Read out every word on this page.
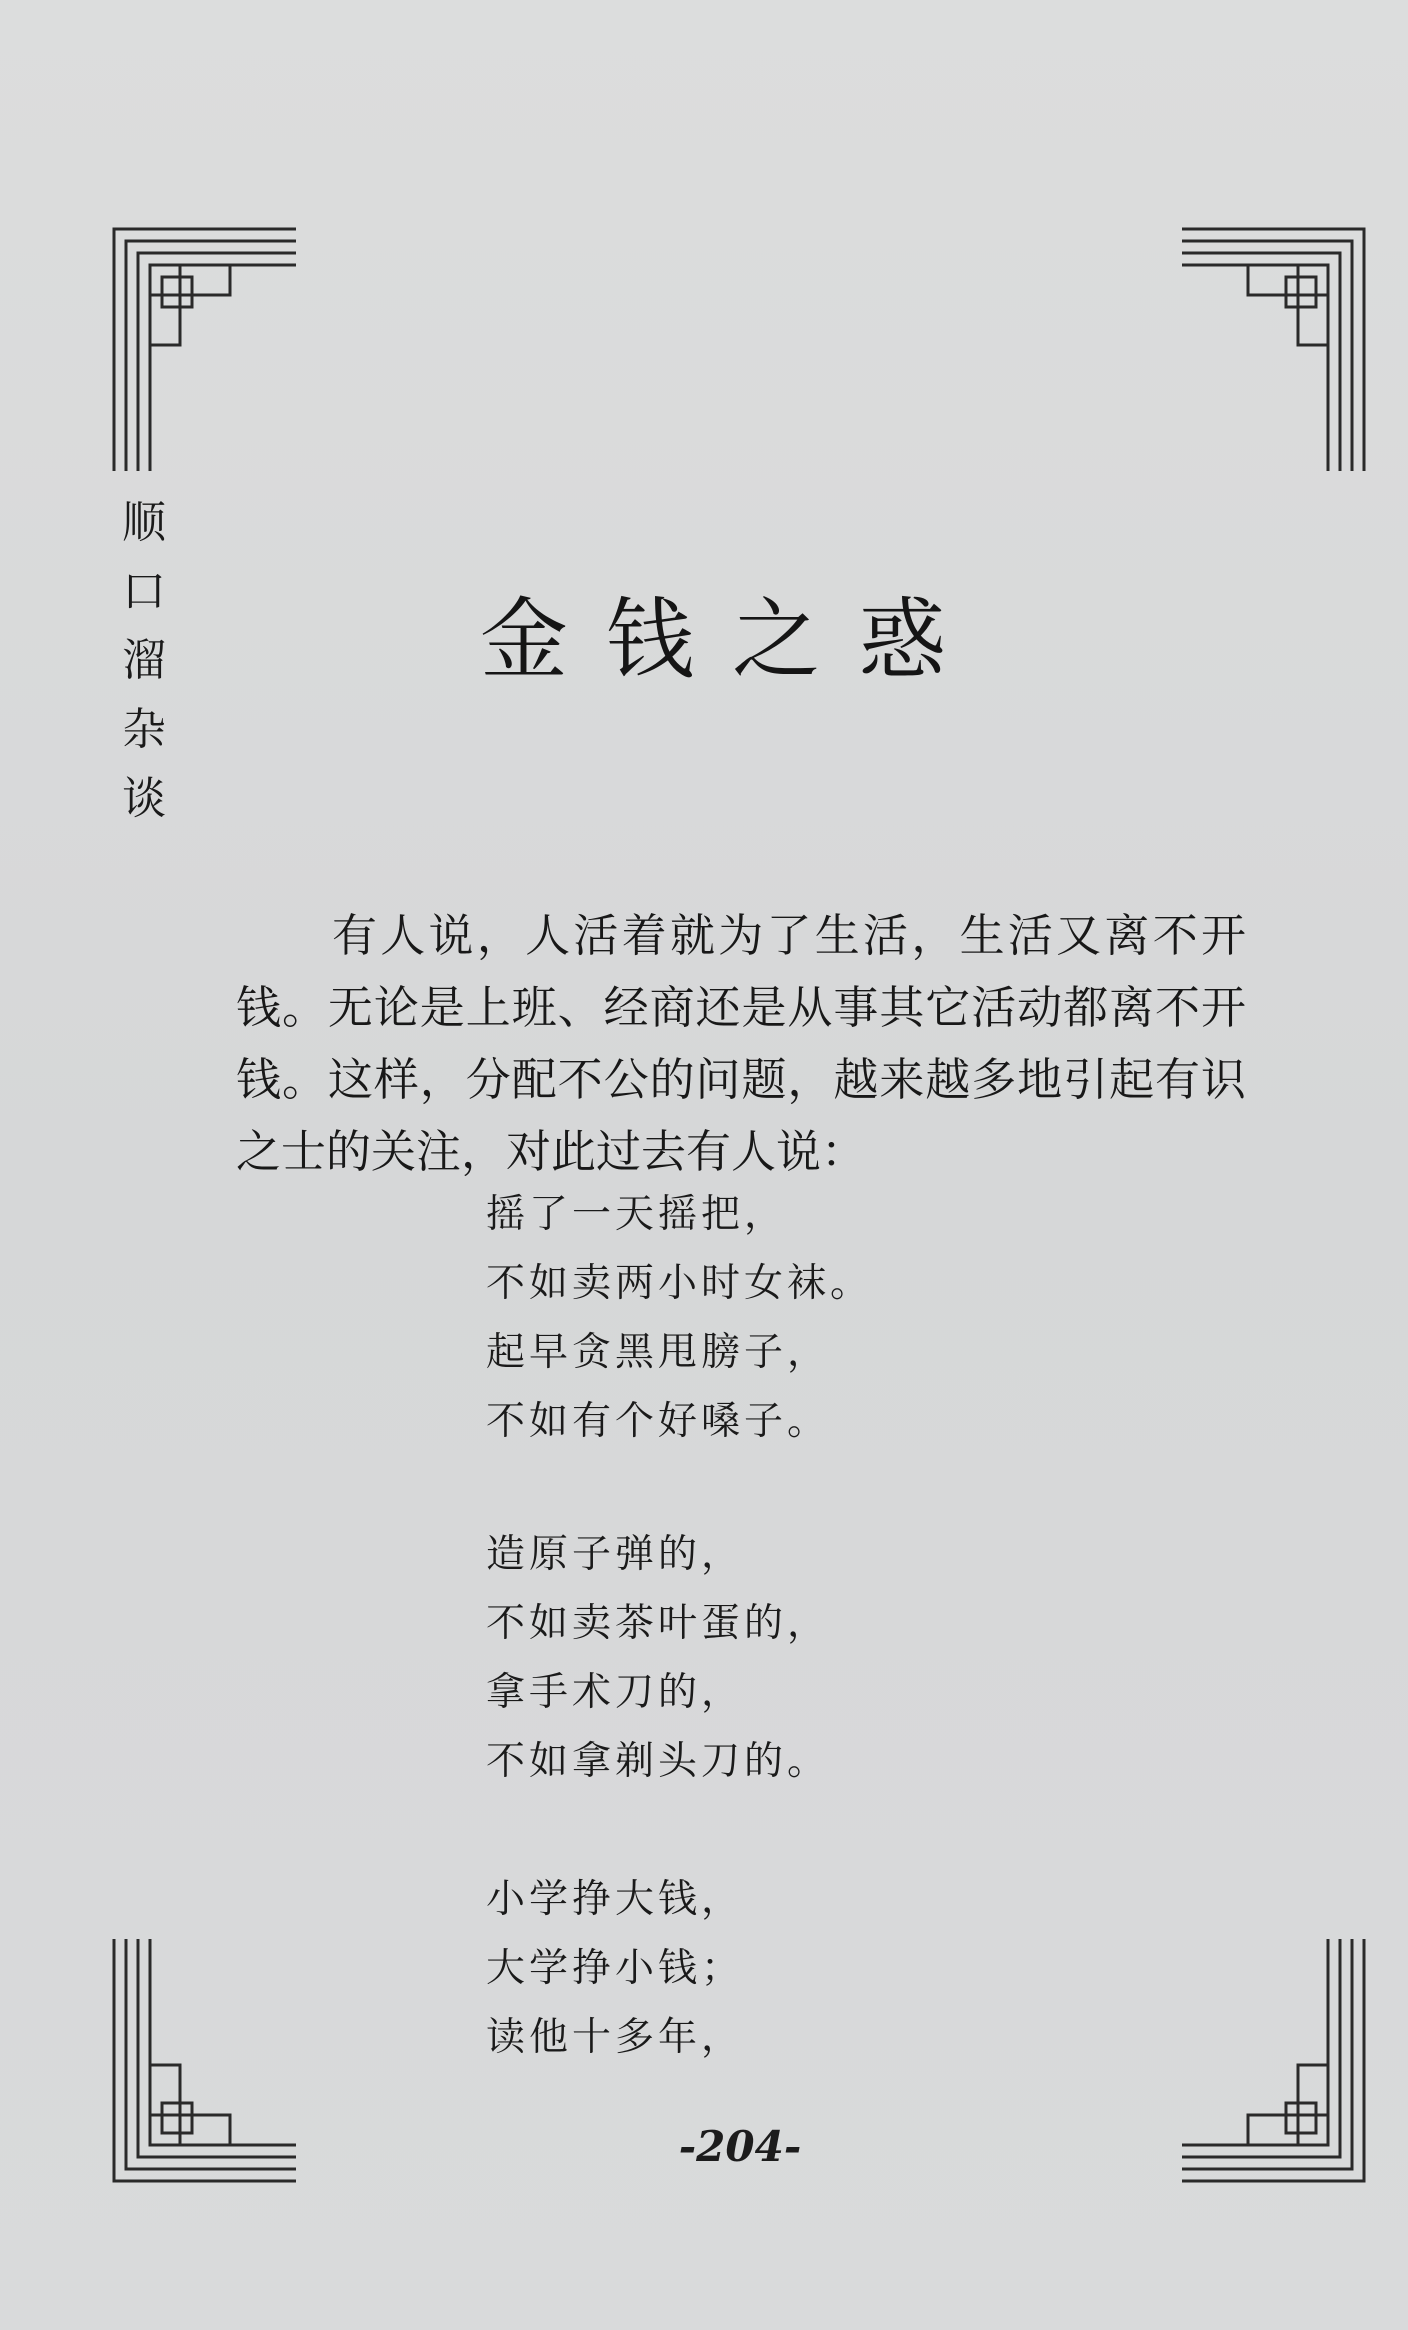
顺
口
溜
杂
谈
金钱之惑

有人说，人活着就为了生活，生活又离不开钱。无论是上班、经商还是从事其它活动都离不开钱。这样，分配不公的问题，越来越多地引起有识之士的关注，对此过去有人说：

摇了一天摇把，
不如卖两小时女袜。
起早贪黑甩膀子，
不如有个好嗓子。
造原子弹的，
不如卖茶叶蛋的，
拿手术刀的，
不如拿剃头刀的。
小学挣大钱，
大学挣小钱；
读他十多年，
-204-
